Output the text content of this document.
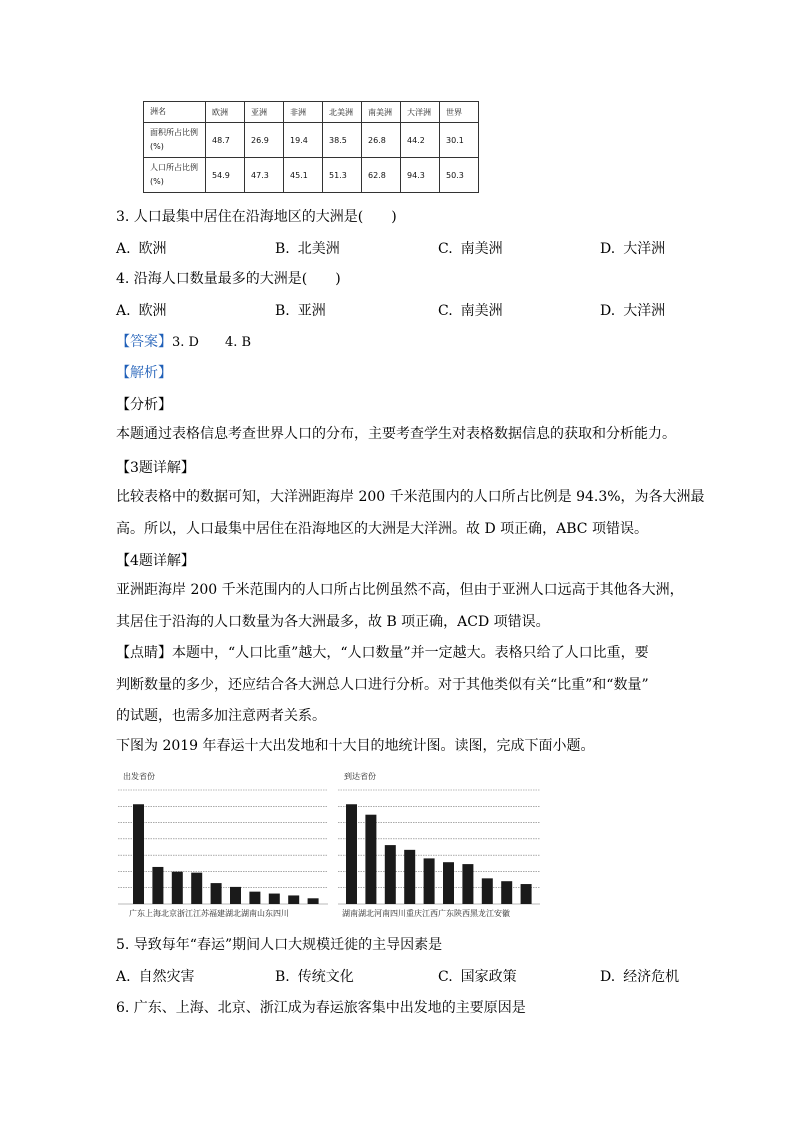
洲名	欧洲	亚洲	非洲	北美洲	南美洲	大洋洲	世界
面积所占比例
(%)	48.7	26.9	19.4	38.5	26.8	44.2	30.1
人口所占比例
(%)	54.9	47.3	45.1	51.3	62.8	94.3	50.3
3. 人口最集中居住在沿海地区的大洲是(　　)
A. 欧洲	B. 北美洲	C. 南美洲	D. 大洋洲
4. 沿海人口数量最多的大洲是(　　)
A. 欧洲	B. 亚洲	C. 南美洲	D. 大洋洲
【答案】3. D　　4. B
【解析】
【分析】
本题通过表格信息考查世界人口的分布，主要考查学生对表格数据信息的获取和分析能力。
【3题详解】
比较表格中的数据可知，大洋洲距海岸 200 千米范围内的人口所占比例是 94.3%，为各大洲最
高。所以，人口最集中居住在沿海地区的大洲是大洋洲。故 D 项正确，ABC 项错误。
【4题详解】
亚洲距海岸 200 千米范围内的人口所占比例虽然不高，但由于亚洲人口远高于其他各大洲，
其居住于沿海的人口数量为各大洲最多，故 B 项正确，ACD 项错误。
【点睛】本题中，“人口比重”越大，“人口数量”并一定越大。表格只给了人口比重，要
判断数量的多少，还应结合各大洲总人口进行分析。对于其他类似有关“比重”和“数量”
的试题，也需多加注意两者关系。
下图为 2019 年春运十大出发地和十大目的地统计图。读图，完成下面小题。
出发省份
广东上海北京浙江江苏福建湖北湖南山东四川
到达省份
湖南湖北河南四川重庆江西广东陕西黑龙江安徽
5. 导致每年“春运”期间人口大规模迁徙的主导因素是
A. 自然灾害	B. 传统文化	C. 国家政策	D. 经济危机
6. 广东、上海、北京、浙江成为春运旅客集中出发地的主要原因是
